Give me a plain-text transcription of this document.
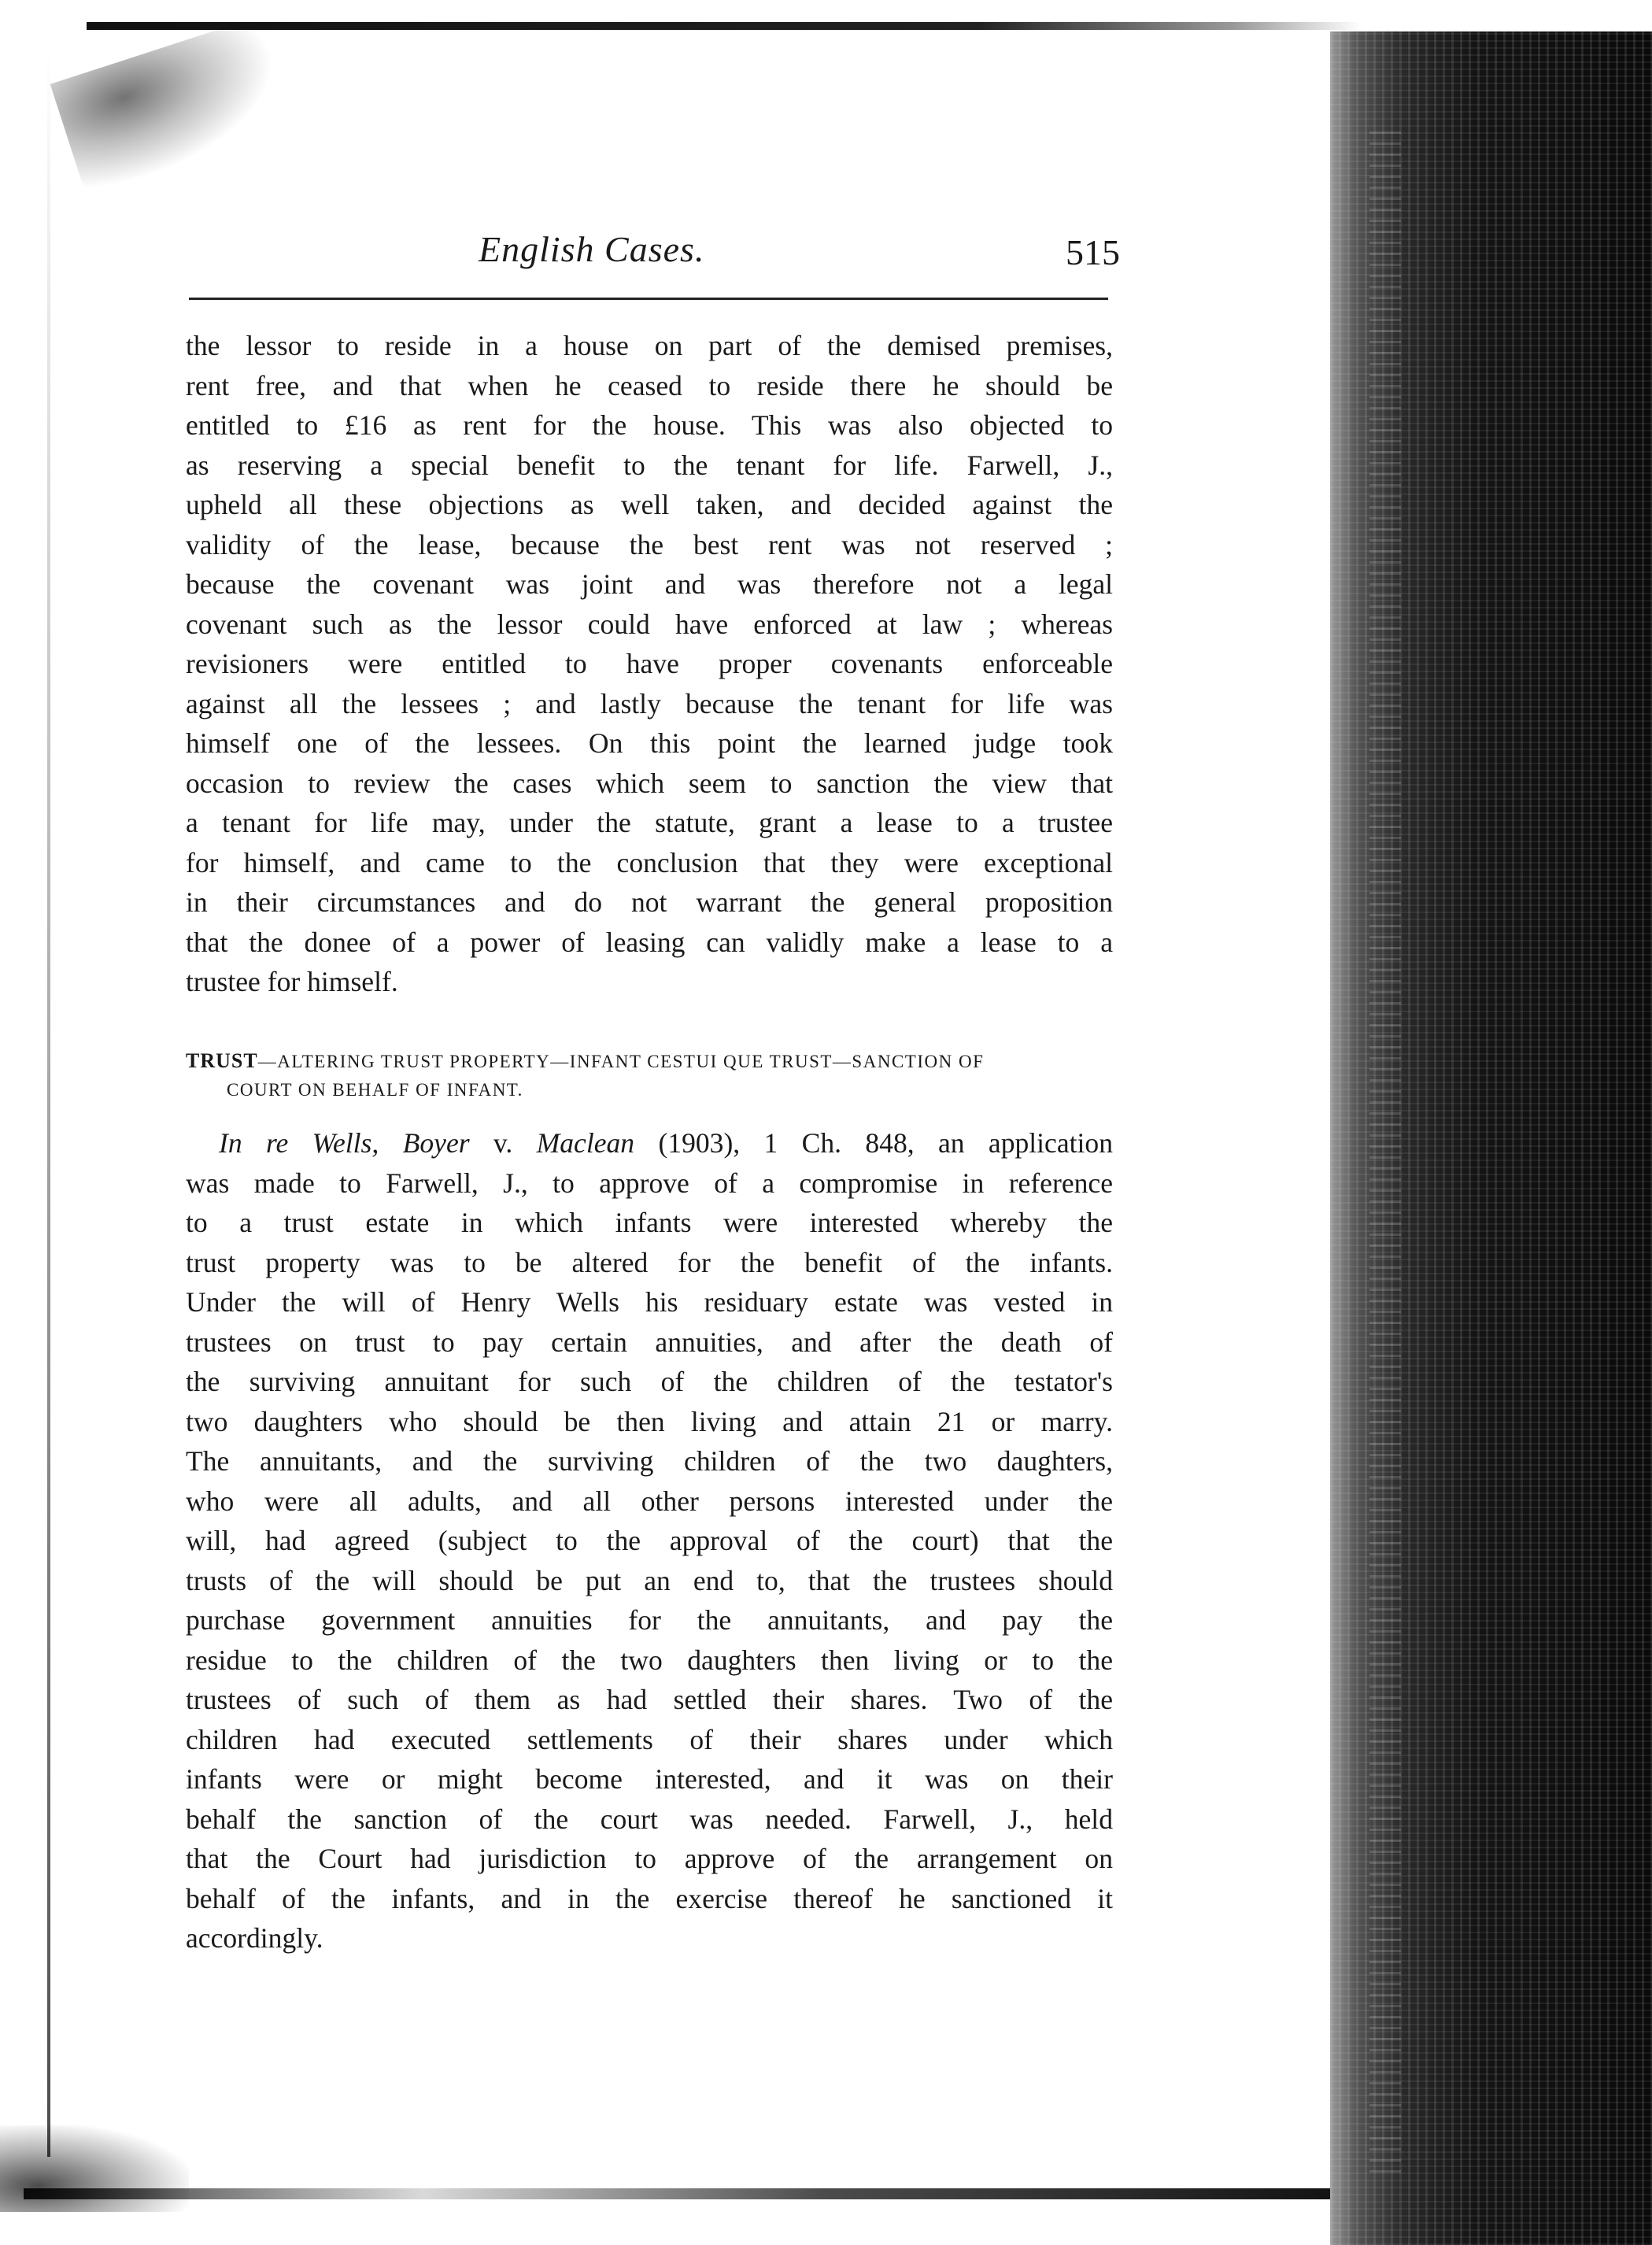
English Cases.	515
the lessor to reside in a house on part of the demised premises,
rent free, and that when he ceased to reside there he should be
entitled to £16 as rent for the house. This was also objected to
as reserving a special benefit to the tenant for life. Farwell, J.,
upheld all these objections as well taken, and decided against the
validity of the lease, because the best rent was not reserved ;
because the covenant was joint and was therefore not a legal
covenant such as the lessor could have enforced at law ; whereas
revisioners were entitled to have proper covenants enforceable
against all the lessees ; and lastly because the tenant for life was
himself one of the lessees. On this point the learned judge took
occasion to review the cases which seem to sanction the view that
a tenant for life may, under the statute, grant a lease to a trustee
for himself, and came to the conclusion that they were exceptional
in their circumstances and do not warrant the general proposition
that the donee of a power of leasing can validly make a lease to a
trustee for himself.
TRUST—ALTERING TRUST PROPERTY—INFANT CESTUI QUE TRUST—SANCTION OF
COURT ON BEHALF OF INFANT.
In re Wells, Boyer v. Maclean (1903), 1 Ch. 848, an application
was made to Farwell, J., to approve of a compromise in reference
to a trust estate in which infants were interested whereby the
trust property was to be altered for the benefit of the infants.
Under the will of Henry Wells his residuary estate was vested in
trustees on trust to pay certain annuities, and after the death of
the surviving annuitant for such of the children of the testator's
two daughters who should be then living and attain 21 or marry.
The annuitants, and the surviving children of the two daughters,
who were all adults, and all other persons interested under the
will, had agreed (subject to the approval of the court) that the
trusts of the will should be put an end to, that the trustees should
purchase government annuities for the annuitants, and pay the
residue to the children of the two daughters then living or to the
trustees of such of them as had settled their shares. Two of the
children had executed settlements of their shares under which
infants were or might become interested, and it was on their
behalf the sanction of the court was needed. Farwell, J., held
that the Court had jurisdiction to approve of the arrangement on
behalf of the infants, and in the exercise thereof he sanctioned it
accordingly.
